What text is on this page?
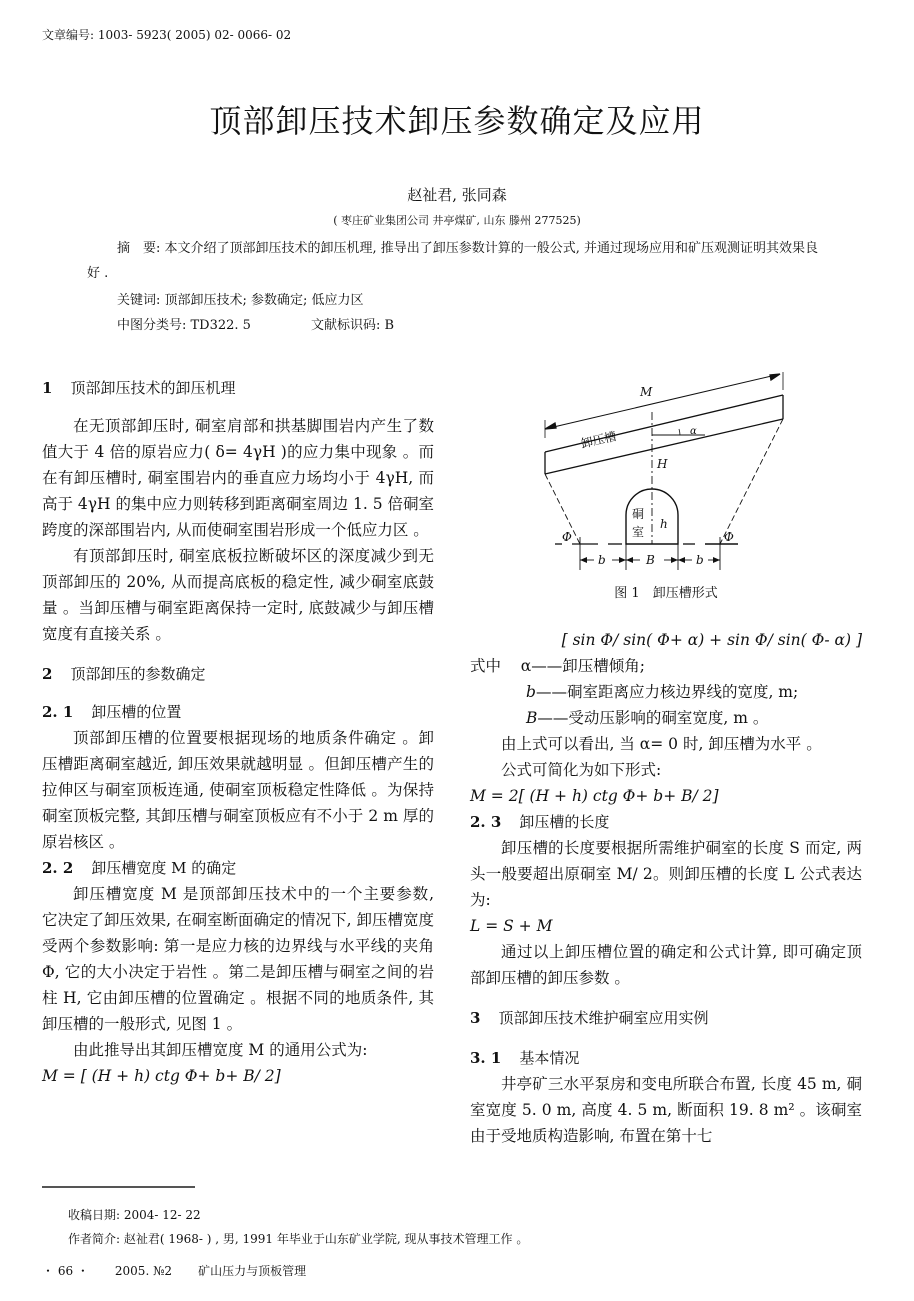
文章编号: 1003- 5923( 2005) 02- 0066- 02
顶部卸压技术卸压参数确定及应用
赵祉君, 张同森
( 枣庄矿业集团公司 井亭煤矿, 山东 滕州 277525)
摘　要: 本文介绍了顶部卸压技术的卸压机理, 推导出了卸压参数计算的一般公式, 并通过现场应用和矿压观测证明其效果良好 .
关键词: 顶部卸压技术; 参数确定; 低应力区
中图分类号: TD322. 5	文献标识码: B
1 顶部卸压技术的卸压机理

在无顶部卸压时, 硐室肩部和拱基脚围岩内产生了数值大于 4 倍的原岩应力( δ= 4γH )的应力集中现象 。而在有卸压槽时, 硐室围岩内的垂直应力场均小于 4γH, 而高于 4γH 的集中应力则转移到距离硐室周边 1. 5 倍硐室跨度的深部围岩内, 从而使硐室围岩形成一个低应力区 。

有顶部卸压时, 硐室底板拉断破坏区的深度减少到无顶部卸压的 20%, 从而提高底板的稳定性, 减少硐室底鼓量 。当卸压槽与硐室距离保持一定时, 底鼓减少与卸压槽宽度有直接关系 。

2 顶部卸压的参数确定
2. 1 卸压槽的位置

顶部卸压槽的位置要根据现场的地质条件确定 。卸压槽距离硐室越近, 卸压效果就越明显 。但卸压槽产生的拉伸区与硐室顶板连通, 使硐室顶板稳定性降低 。为保持硐室顶板完整, 其卸压槽与硐室顶板应有不小于 2 m 厚的原岩核区 。

2. 2 卸压槽宽度 M 的确定

卸压槽宽度 M 是顶部卸压技术中的一个主要参数, 它决定了卸压效果, 在硐室断面确定的情况下, 卸压槽宽度受两个参数影响: 第一是应力核的边界线与水平线的夹角 Φ, 它的大小决定于岩性 。第二是卸压槽与硐室之间的岩柱 H, 它由卸压槽的位置确定 。根据不同的地质条件, 其卸压槽的一般形式, 见图 1 。

由此推导出其卸压槽宽度 M 的通用公式为:

M = [ (H + h) ctg Φ+ b+ B/ 2]

M
卸压槽	α
H
硐
室
h
Φ	Φ
b	B	b
图 1　卸压槽形式

[ sin Φ/ sin( Φ+ α) + sin Φ/ sin( Φ- α) ]

式中 α——卸压槽倾角;

b——硐室距离应力核边界线的宽度, m;

B——受动压影响的硐室宽度, m 。

由上式可以看出, 当 α= 0 时, 卸压槽为水平 。

公式可简化为如下形式:

M = 2[ (H + h) ctg Φ+ b+ B/ 2]

2. 3 卸压槽的长度

卸压槽的长度要根据所需维护硐室的长度 S 而定, 两头一般要超出原硐室 M/ 2。则卸压槽的长度 L 公式表达为:

L = S + M

通过以上卸压槽位置的确定和公式计算, 即可确定顶部卸压槽的卸压参数 。

3 顶部卸压技术维护硐室应用实例
3. 1 基本情况

井亭矿三水平泵房和变电所联合布置, 长度 45 m, 硐室宽度 5. 0 m, 高度 4. 5 m, 断面积 19. 8 m² 。该硐室由于受地质构造影响, 布置在第十七

收稿日期: 2004- 12- 22
作者简介: 赵祉君( 1968- ) , 男, 1991 年毕业于山东矿业学院, 现从事技术管理工作 。
・ 66 ・ 2005. №2 矿山压力与顶板管理
